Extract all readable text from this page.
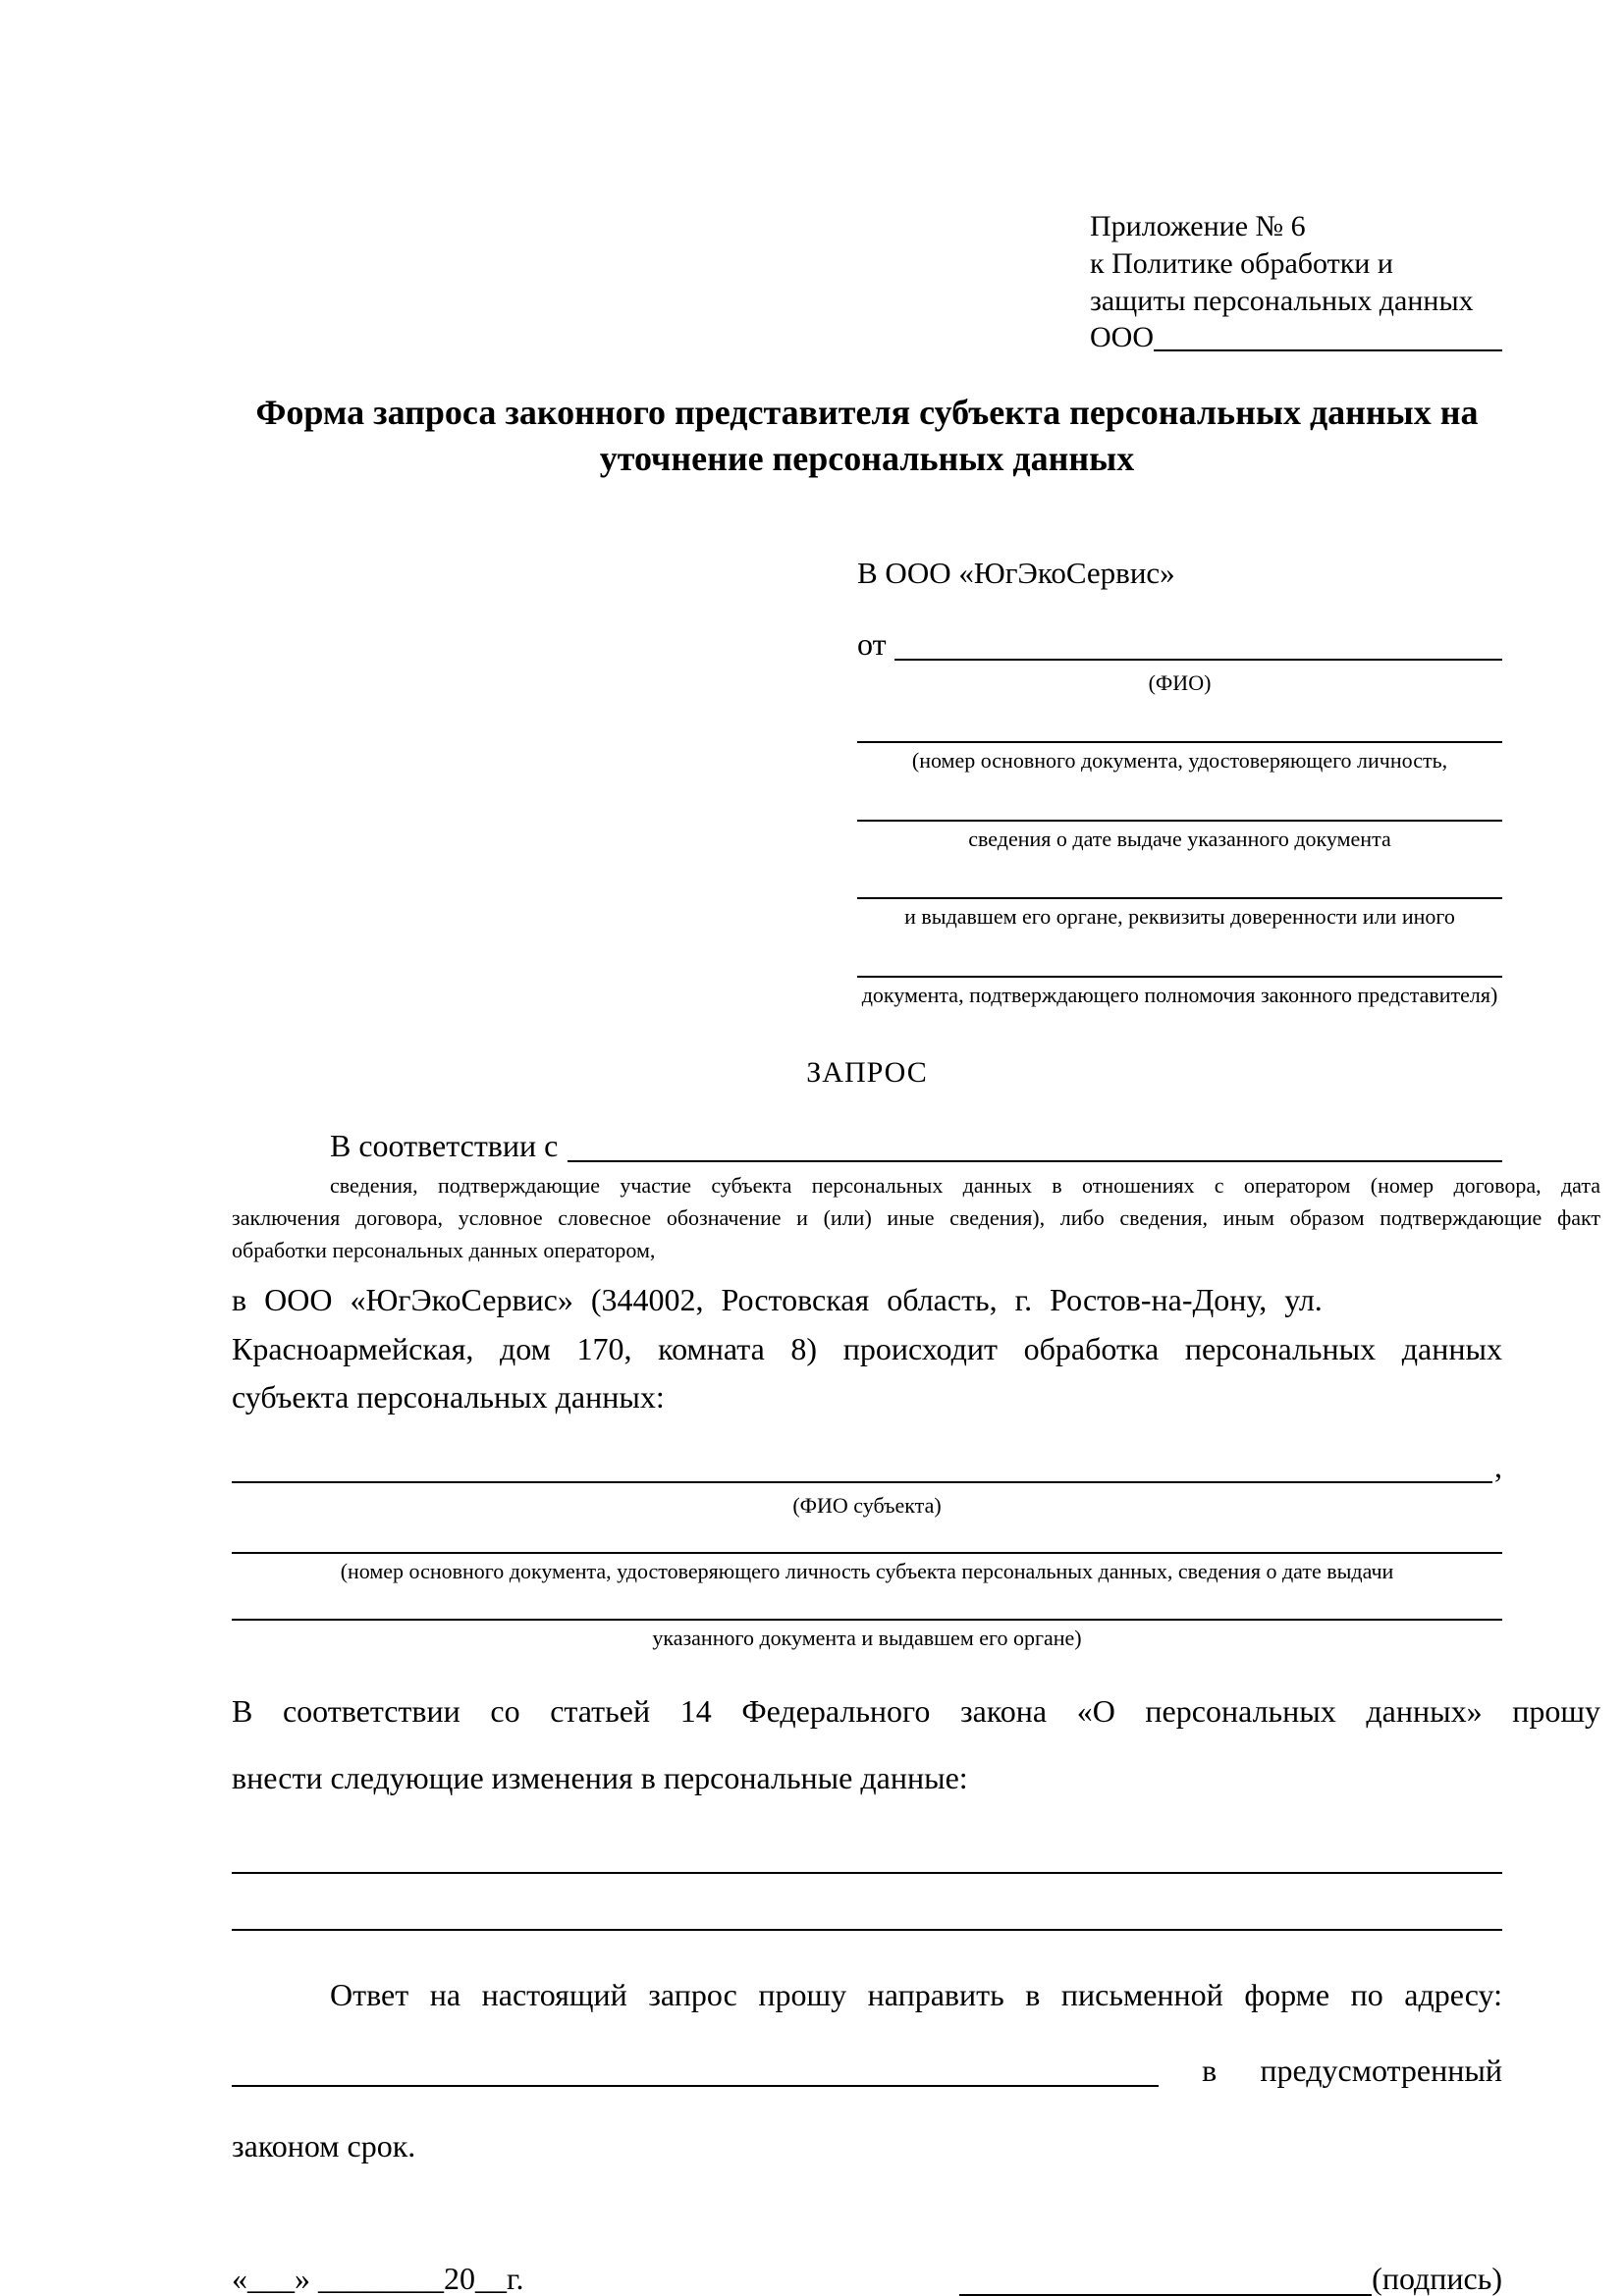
Приложение № 6
к Политике обработки и
защиты персональных данных
ООО
Форма запроса законного представителя субъекта персональных данных на уточнение персональных данных
В ООО «ЮгЭкоСервис»
от
(ФИО)
(номер основного документа, удостоверяющего личность,
сведения о дате выдаче указанного документа
и выдавшем его органе, реквизиты доверенности или иного
документа, подтверждающего полномочия законного представителя)
ЗАПРОС
В соответствии с
сведения, подтверждающие участие субъекта персональных данных в отношениях с оператором (номер договора, дата
заключения договора, условное словесное обозначение и (или) иные сведения), либо сведения, иным образом подтверждающие факт
обработки персональных данных оператором,
в ООО «ЮгЭкоСервис» (344002, Ростовская область, г. Ростов-на-Дону, ул.
Красноармейская, дом 170, комната 8) происходит обработка персональных данных
субъекта персональных данных:
,
(ФИО субъекта)
(номер основного документа, удостоверяющего личность субъекта персональных данных, сведения о дате выдачи
указанного документа и выдавшем его органе)
В соответствии со статьей 14 Федерального закона «О персональных данных» прошу
внести следующие изменения в персональные данные:
Ответ на настоящий запрос прошу направить в письменной форме по адресу:
в предусмотренный
законом срок.
«___» ________20__г.	(подпись)
